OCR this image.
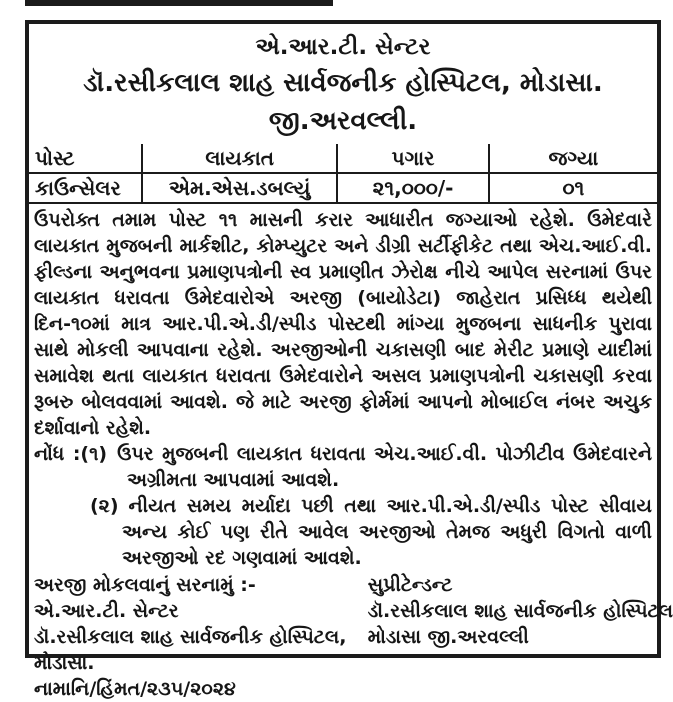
એ.આર.ટી. સેન્ટર
ડૉ.રસીકલાલ શાહ સાર્વજનીક હોસ્પિટલ, મોડાસા. જી.અરવલ્લી.
પોસ્ટ	લાયકાત	પગાર	જગ્યા
કાઉન્સેલર	એમ.એસ.ડબલ્યું	૨૧,૦૦૦/-	૦૧
ઉપરોક્ત તમામ પોસ્ટ ૧૧ માસની કરાર આધારીત જગ્યાઓ રહેશે. ઉમેદવારે લાયકાત મુજબની માર્કશીટ, કોમ્પ્યુટર અને ડીગ્રી સર્ટીફીકેટ તથા એચ.આઈ.વી. ફીલ્ડના અનુભવના પ્રમાણપત્રોની સ્વ પ્રમાણીત ઝેરોક્ષ નીચે આપેલ સરનામાં ઉપર લાયકાત ધરાવતા ઉમેદવારોએ અરજી (બાયોડેટા) જાહેરાત પ્રસિધ્ધ થયેથી દિન-૧૦માં માત્ર આર.પી.એ.ડી/સ્પીડ પોસ્ટથી માંગ્યા મુજબના સાધનીક પુરાવા સાથે મોકલી આપવાના રહેશે. અરજીઓની ચકાસણી બાદ મેરીટ પ્રમાણે યાદીમાં સમાવેશ થતા લાયકાત ધરાવતા ઉમેદવારોને અસલ પ્રમાણપત્રોની ચકાસણી કરવા રૂબરુ બોલવવામાં આવશે. જે માટે અરજી ફોર્મમાં આપનો મોબાઈલ નંબર અચુક દર્શાવાનો રહેશે.
નોંધ :(૧) ઉપર મુજબની લાયકાત ધરાવતા એચ.આઈ.વી. પોઝીટીવ ઉમેદવારને અગ્રીમતા આપવામાં આવશે.
(૨) નીયત સમય મર્યાદા પછી તથા આર.પી.એ.ડી/સ્પીડ પોસ્ટ સીવાય અન્ય કોઈ પણ રીતે આવેલ અરજીઓ તેમજ અધુરી વિગતો વાળી અરજીઓ રદ ગણવામાં આવશે.
અરજી મોકલવાનું સરનામું :-
એ.આર.ટી. સેન્ટર
ડૉ.રસીકલાલ શાહ સાર્વજનીક હોસ્પિટલ,
મોડાસા.
સુપ્રીટેન્ડન્ટ
ડૉ.રસીકલાલ શાહ સાર્વજનીક હોસ્પિટલ
મોડાસા જી.અરવલ્લી
નામાનિ/હિંમત/૨૩૫/૨૦૨૪
